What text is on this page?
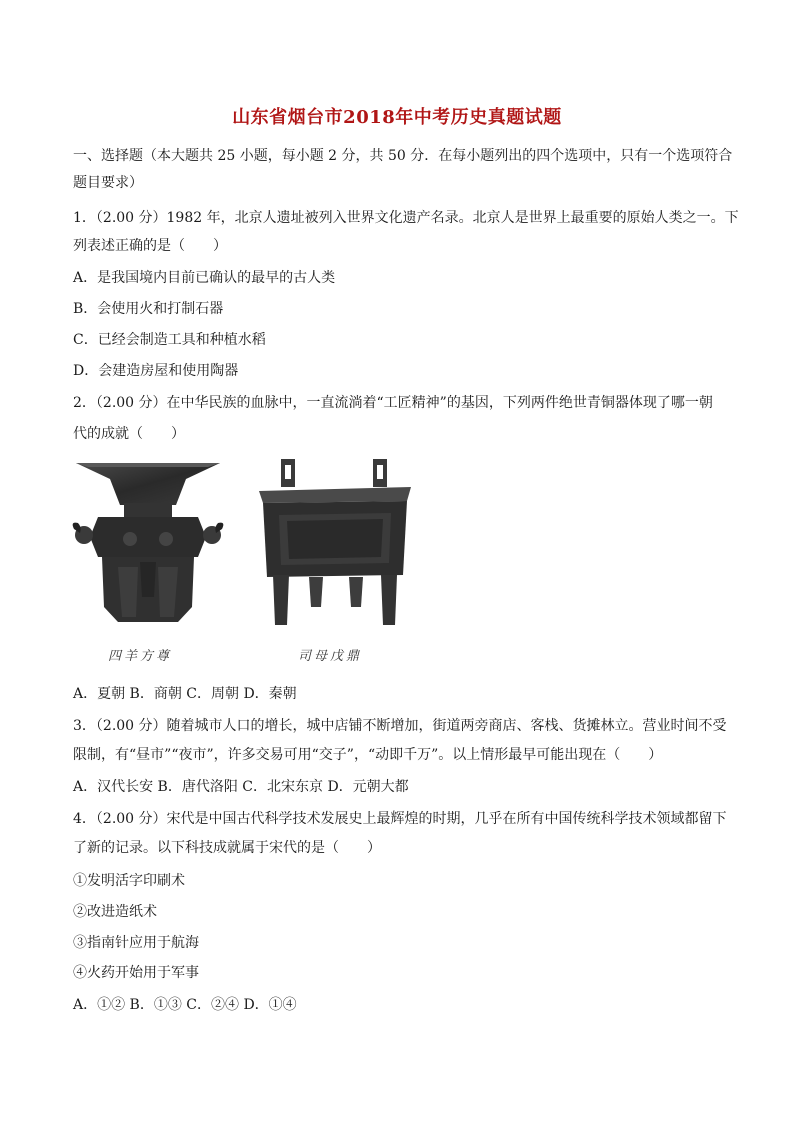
山东省烟台市2018年中考历史真题试题
一、选择题（本大题共 25 小题，每小题 2 分，共 50 分．在每小题列出的四个选项中，只有一个选项符合
题目要求）
1．（2.00 分）1982 年，北京人遗址被列入世界文化遗产名录。北京人是世界上最重要的原始人类之一。下
列表述正确的是（　　）
A．是我国境内目前已确认的最早的古人类
B．会使用火和打制石器
C．已经会制造工具和种植水稻
D．会建造房屋和使用陶器
2．（2.00 分）在中华民族的血脉中，一直流淌着“工匠精神”的基因，下列两件绝世青铜器体现了哪一朝
代的成就（　　）
四羊方尊	司母戊鼎
A．夏朝 B．商朝 C．周朝 D．秦朝
3．（2.00 分）随着城市人口的增长，城中店铺不断增加，街道两旁商店、客栈、货摊林立。营业时间不受
限制，有“昼市”“夜市”，许多交易可用“交子”，“动即千万”。以上情形最早可能出现在（　　）
A．汉代长安 B．唐代洛阳 C．北宋东京 D．元朝大都
4．（2.00 分）宋代是中国古代科学技术发展史上最辉煌的时期，几乎在所有中国传统科学技术领域都留下
了新的记录。以下科技成就属于宋代的是（　　）
①发明活字印刷术
②改进造纸术
③指南针应用于航海
④火药开始用于军事
A．①② B．①③ C．②④ D．①④
